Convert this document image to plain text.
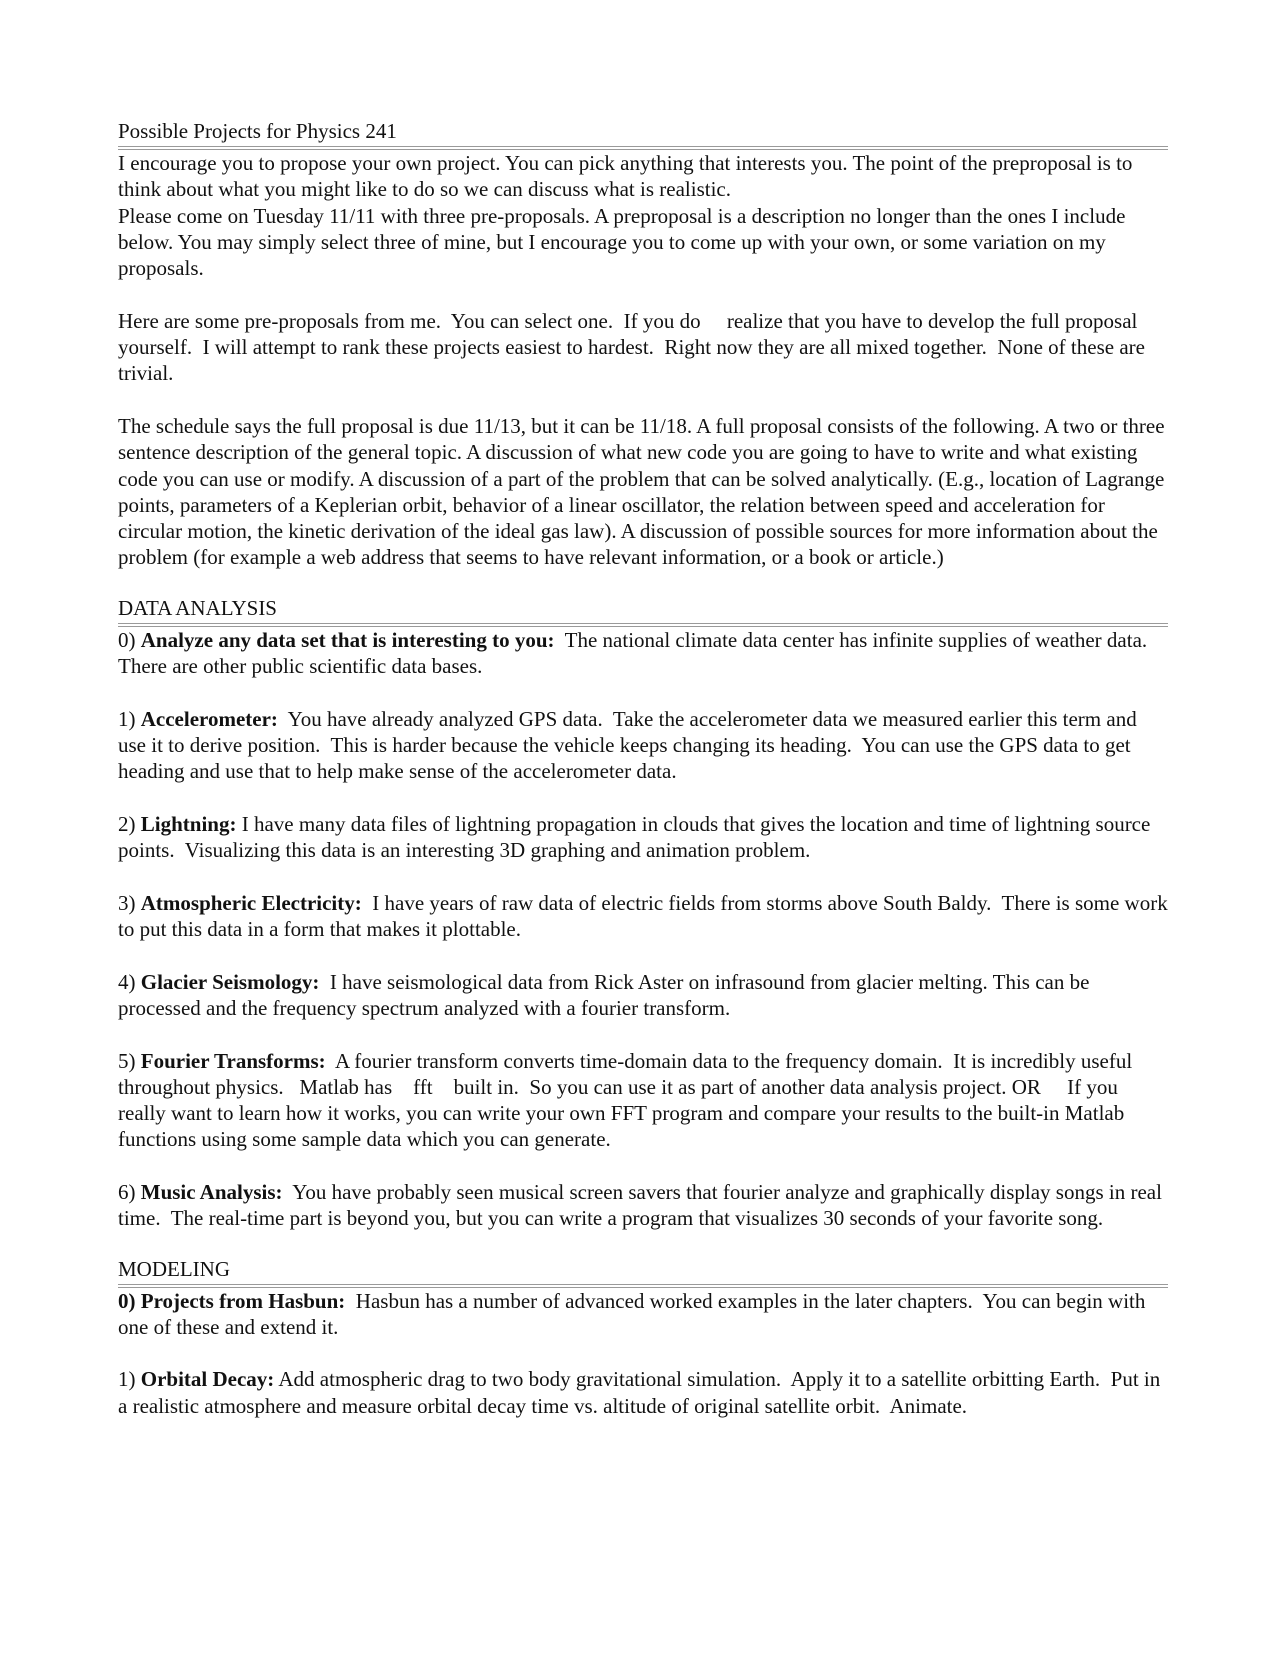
Possible Projects for Physics 241

I encourage you to propose your own project. You can pick anything that interests you. The point of the preproposal is to think about what you might like to do so we can discuss what is realistic.

Please come on Tuesday 11/11 with three pre-proposals. A preproposal is a description no longer than the ones I include below. You may simply select three of mine, but I encourage you to come up with your own, or some variation on my proposals.

Here are some pre-proposals from me.  You can select one.  If you do     realize that you have to develop the full proposal yourself.  I will attempt to rank these projects easiest to hardest.  Right now they are all mixed together.  None of these are trivial.

The schedule says the full proposal is due 11/13, but it can be 11/18. A full proposal consists of the following. A two or three sentence description of the general topic. A discussion of what new code you are going to have to write and what existing code you can use or modify. A discussion of a part of the problem that can be solved analytically. (E.g., location of Lagrange points, parameters of a Keplerian orbit, behavior of a linear oscillator, the relation between speed and acceleration for circular motion, the kinetic derivation of the ideal gas law). A discussion of possible sources for more information about the problem (for example a web address that seems to have relevant information, or a book or article.)

DATA ANALYSIS

0) Analyze any data set that is interesting to you:  The national climate data center has infinite supplies of weather data.  There are other public scientific data bases.

1) Accelerometer:  You have already analyzed GPS data.  Take the accelerometer data we measured earlier this term and use it to derive position.  This is harder because the vehicle keeps changing its heading.  You can use the GPS data to get heading and use that to help make sense of the accelerometer data.

2) Lightning: I have many data files of lightning propagation in clouds that gives the location and time of lightning source points.  Visualizing this data is an interesting 3D graphing and animation problem.

3) Atmospheric Electricity:  I have years of raw data of electric fields from storms above South Baldy.  There is some work to put this data in a form that makes it plottable.

4) Glacier Seismology:  I have seismological data from Rick Aster on infrasound from glacier melting. This can be processed and the frequency spectrum analyzed with a fourier transform.

5) Fourier Transforms:  A fourier transform converts time-domain data to the frequency domain.  It is incredibly useful throughout physics.   Matlab has    fft    built in.  So you can use it as part of another data analysis project. OR     If you really want to learn how it works, you can write your own FFT program and compare your results to the built-in Matlab functions using some sample data which you can generate.

6) Music Analysis:  You have probably seen musical screen savers that fourier analyze and graphically display songs in real time.  The real-time part is beyond you, but you can write a program that visualizes 30 seconds of your favorite song.

MODELING

0) Projects from Hasbun:  Hasbun has a number of advanced worked examples in the later chapters.  You can begin with one of these and extend it.

1) Orbital Decay: Add atmospheric drag to two body gravitational simulation.  Apply it to a satellite orbitting Earth.  Put in a realistic atmosphere and measure orbital decay time vs. altitude of original satellite orbit.  Animate.
